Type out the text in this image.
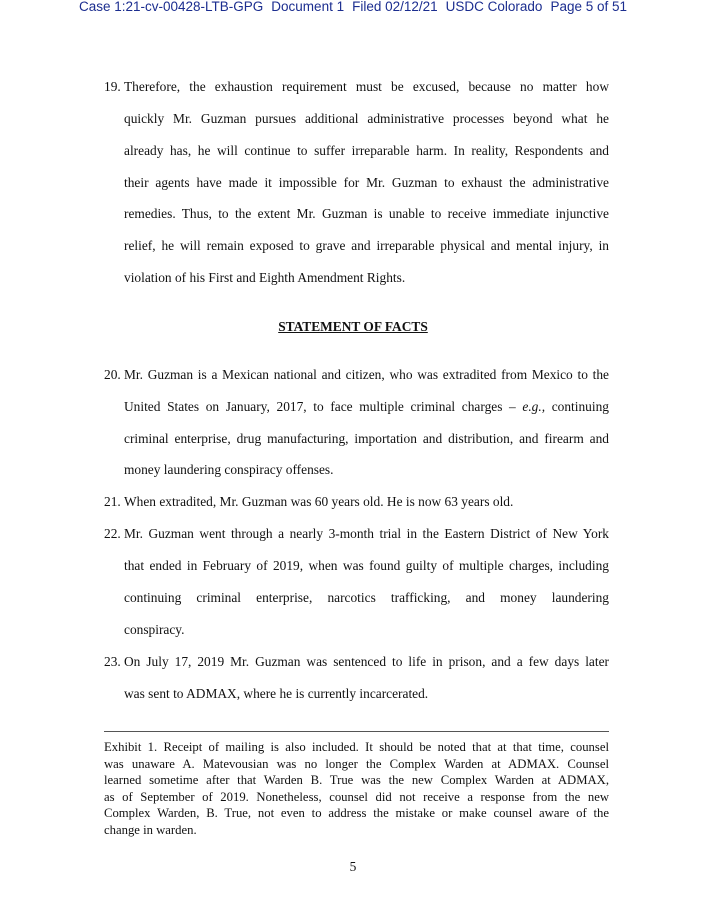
Case 1:21-cv-00428-LTB-GPG Document 1 Filed 02/12/21 USDC Colorado Page 5 of 51
19. Therefore, the exhaustion requirement must be excused, because no matter how
quickly Mr. Guzman pursues additional administrative processes beyond what he
already has, he will continue to suffer irreparable harm. In reality, Respondents and
their agents have made it impossible for Mr. Guzman to exhaust the administrative
remedies. Thus, to the extent Mr. Guzman is unable to receive immediate injunctive
relief, he will remain exposed to grave and irreparable physical and mental injury, in
violation of his First and Eighth Amendment Rights.
STATEMENT OF FACTS
20. Mr. Guzman is a Mexican national and citizen, who was extradited from Mexico to the
United States on January, 2017, to face multiple criminal charges – e.g., continuing
criminal enterprise, drug manufacturing, importation and distribution, and firearm and
money laundering conspiracy offenses.
21. When extradited, Mr. Guzman was 60 years old. He is now 63 years old.
22. Mr. Guzman went through a nearly 3-month trial in the Eastern District of New York
that ended in February of 2019, when was found guilty of multiple charges, including
continuing criminal enterprise, narcotics trafficking, and money laundering
conspiracy.
23. On July 17, 2019 Mr. Guzman was sentenced to life in prison, and a few days later
was sent to ADMAX, where he is currently incarcerated.
Exhibit 1. Receipt of mailing is also included. It should be noted that at that time, counsel
was unaware A. Matevousian was no longer the Complex Warden at ADMAX. Counsel
learned sometime after that Warden B. True was the new Complex Warden at ADMAX,
as of September of 2019. Nonetheless, counsel did not receive a response from the new
Complex Warden, B. True, not even to address the mistake or make counsel aware of the
change in warden.
5
